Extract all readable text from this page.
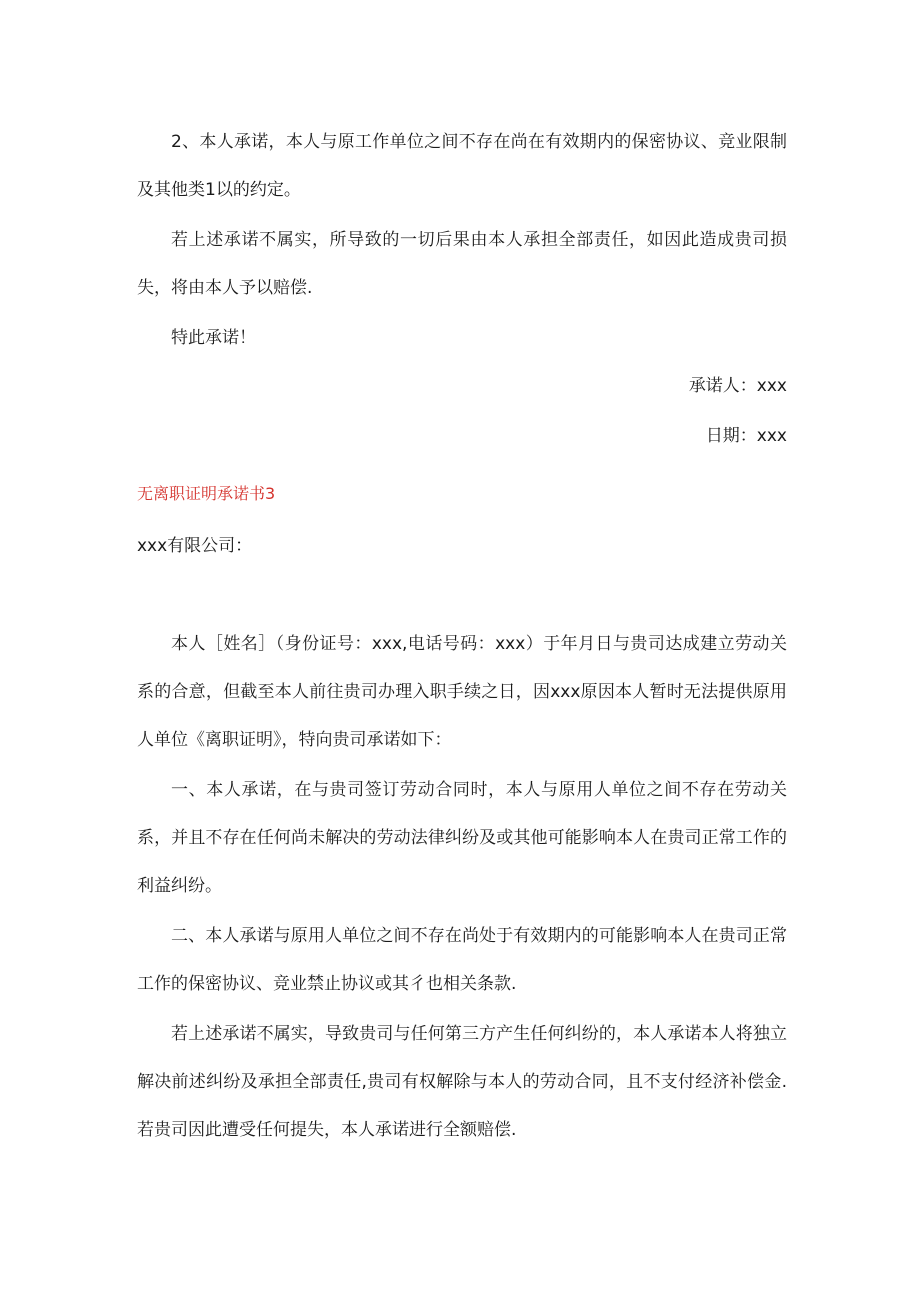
2、本人承诺，本人与原工作单位之间不存在尚在有效期内的保密协议、竞业限制及其他类1以的约定。

若上述承诺不属实，所导致的一切后果由本人承担全部责任，如因此造成贵司损失，将由本人予以赔偿.

特此承诺！

承诺人：xxx

日期：xxx

无离职证明承诺书3

xxx有限公司：

本人［姓名］（身份证号：xxx,电话号码：xxx）于年月日与贵司达成建立劳动关系的合意，但截至本人前往贵司办理入职手续之日，因xxx原因本人暂时无法提供原用人单位《离职证明》，特向贵司承诺如下：

一、本人承诺，在与贵司签订劳动合同时，本人与原用人单位之间不存在劳动关系，并且不存在任何尚未解决的劳动法律纠纷及或其他可能影响本人在贵司正常工作的利益纠纷。

二、本人承诺与原用人单位之间不存在尚处于有效期内的可能影响本人在贵司正常工作的保密协议、竞业禁止协议或其彳也相关条款.

若上述承诺不属实，导致贵司与任何第三方产生任何纠纷的，本人承诺本人将独立解决前述纠纷及承担全部责任,贵司有权解除与本人的劳动合同，且不支付经济补偿金.若贵司因此遭受任何提失，本人承诺进行全额赔偿.
